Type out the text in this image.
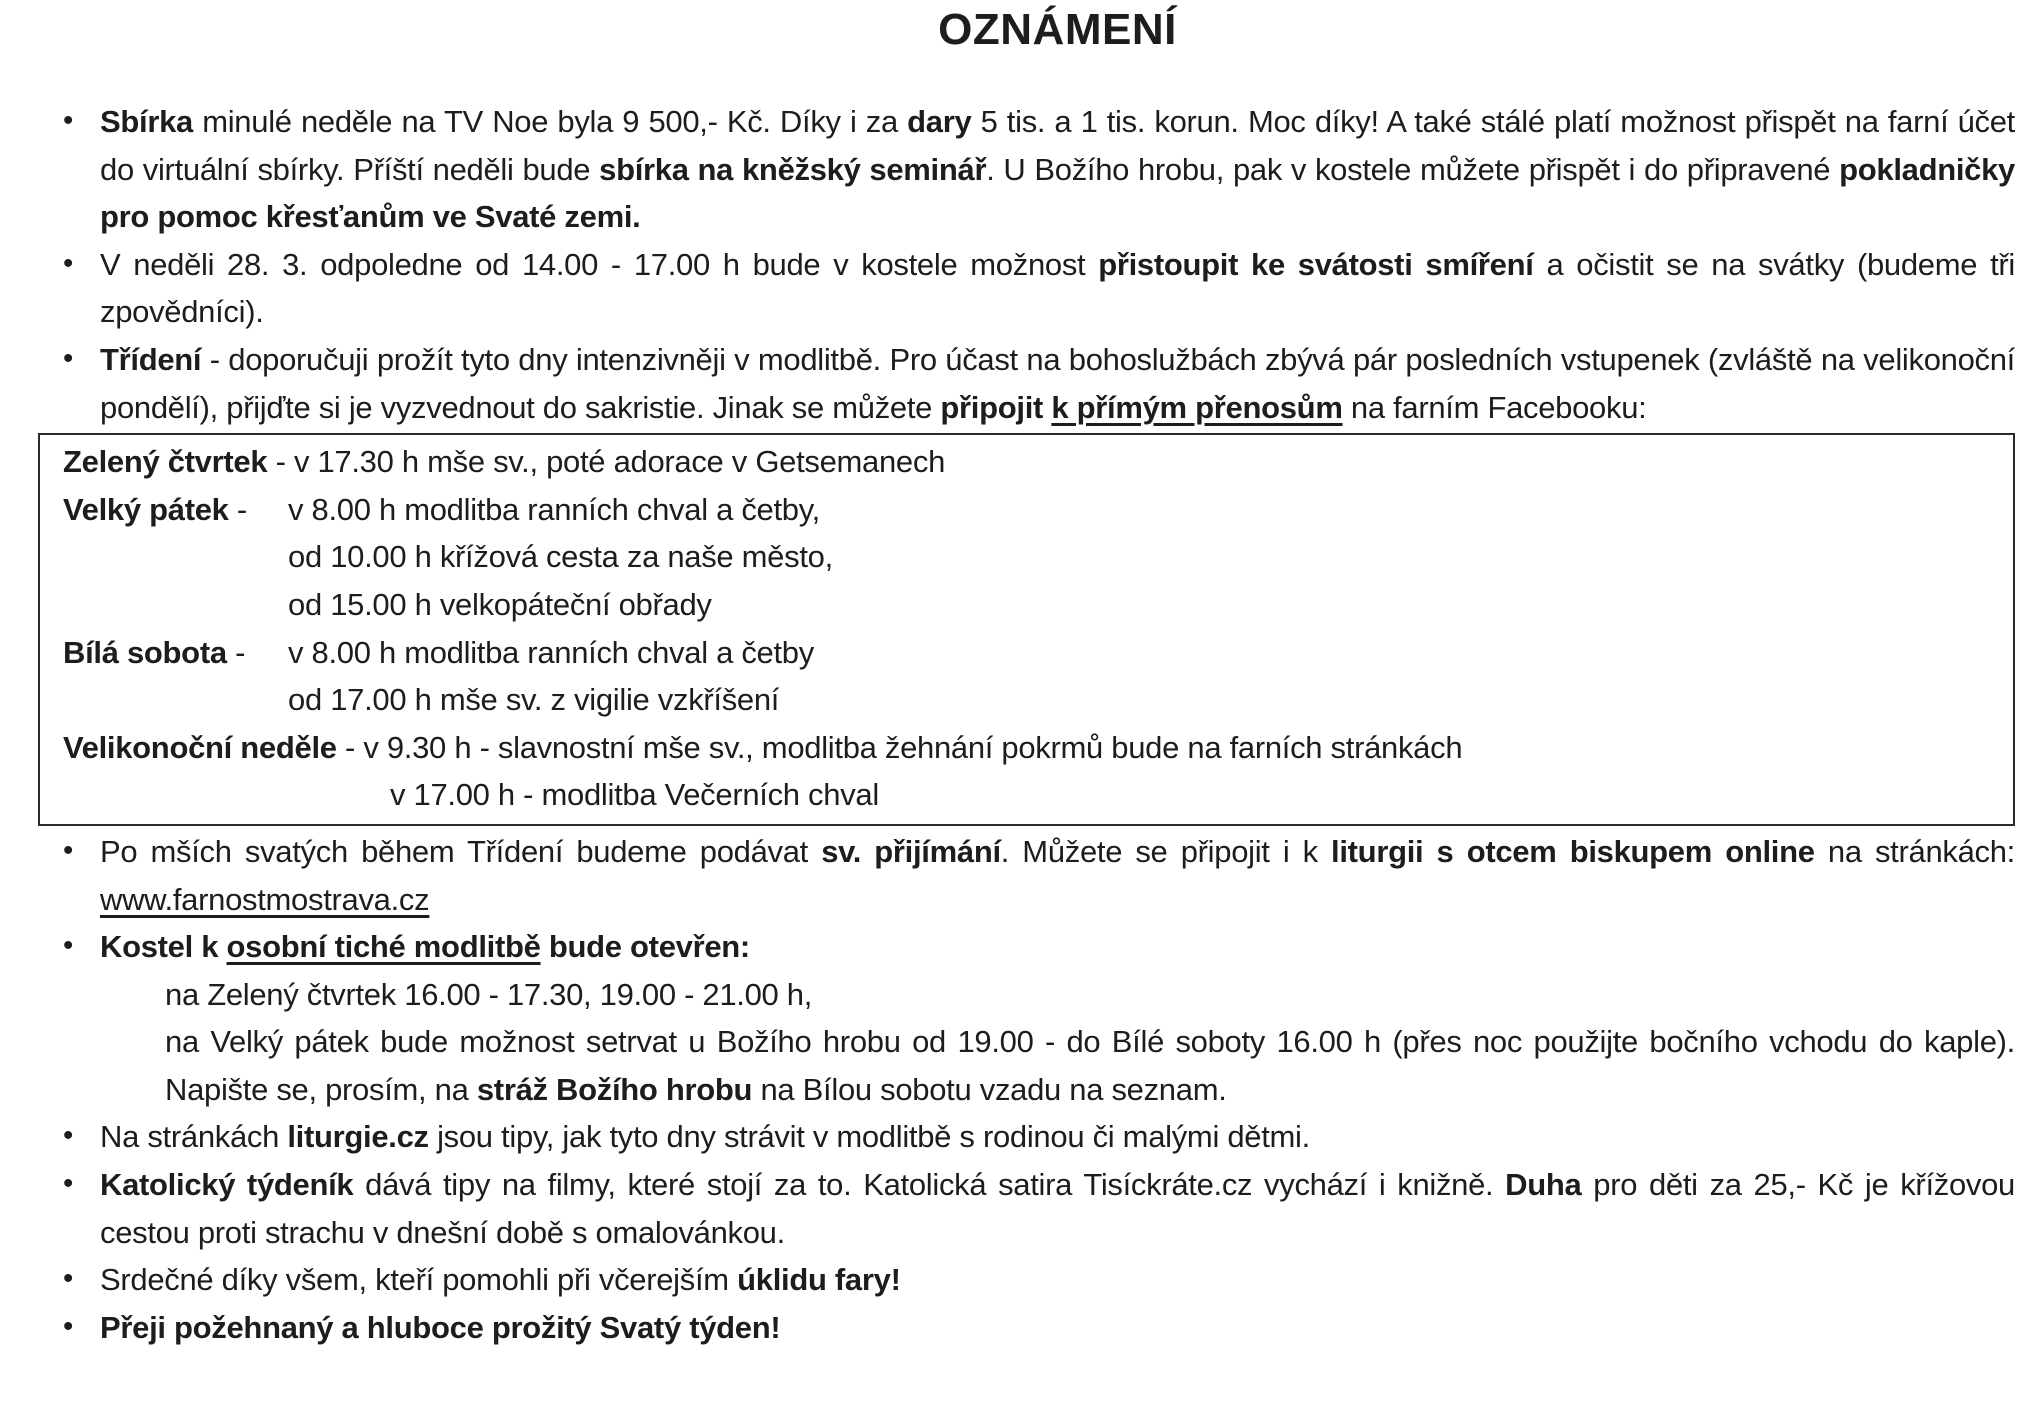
OZNÁMENÍ
• Sbírka minulé neděle na TV Noe byla 9 500,- Kč. Díky i za dary 5 tis. a 1 tis. korun. Moc díky! A také stálé platí možnost přispět na farní účet do virtuální sbírky. Příští neděli bude sbírka na kněžský seminář. U Božího hrobu, pak v kostele můžete přispět i do připravené pokladničky pro pomoc křesťanům ve Svaté zemi.
• V neděli 28. 3. odpoledne od 14.00 - 17.00 h bude v kostele možnost přistoupit ke svátosti smíření a očistit se na svátky (budeme tři zpovědníci).
• Třídení - doporučuji prožít tyto dny intenzivněji v modlitbě. Pro účast na bohoslužbách zbývá pár posledních vstupenek (zvláště na velikonoční pondělí), přijďte si je vyzvednout do sakristie. Jinak se můžete připojit k přímým přenosům na farním Facebooku:
Zelený čtvrtek - v 17.30 h mše sv., poté adorace v Getsemanech
Velký pátek -	v 8.00 h modlitba ranních chval a četby,
od 10.00 h křížová cesta za naše město,
od 15.00 h velkopáteční obřady
Bílá sobota -	v 8.00 h modlitba ranních chval a četby
od 17.00 h mše sv. z vigilie vzkříšení
Velikonoční neděle - v 9.30 h - slavnostní mše sv., modlitba žehnání pokrmů bude na farních stránkách
v 17.00 h - modlitba Večerních chval
• Po mších svatých během Třídení budeme podávat sv. přijímání. Můžete se připojit i k liturgii s otcem biskupem online na stránkách: www.farnostmostrava.cz
• Kostel k osobní tiché modlitbě bude otevřen:
na Zelený čtvrtek 16.00 - 17.30, 19.00 - 21.00 h,
na Velký pátek bude možnost setrvat u Božího hrobu od 19.00 - do Bílé soboty 16.00 h (přes noc použijte bočního vchodu do kaple). Napište se, prosím, na stráž Božího hrobu na Bílou sobotu vzadu na seznam.
• Na stránkách liturgie.cz jsou tipy, jak tyto dny strávit v modlitbě s rodinou či malými dětmi.
• Katolický týdeník dává tipy na filmy, které stojí za to. Katolická satira Tisíckráte.cz vychází i knižně. Duha pro děti za 25,- Kč je křížovou cestou proti strachu v dnešní době s omalovánkou.
• Srdečné díky všem, kteří pomohli při včerejším úklidu fary!
• Přeji požehnaný a hluboce prožitý Svatý týden!
